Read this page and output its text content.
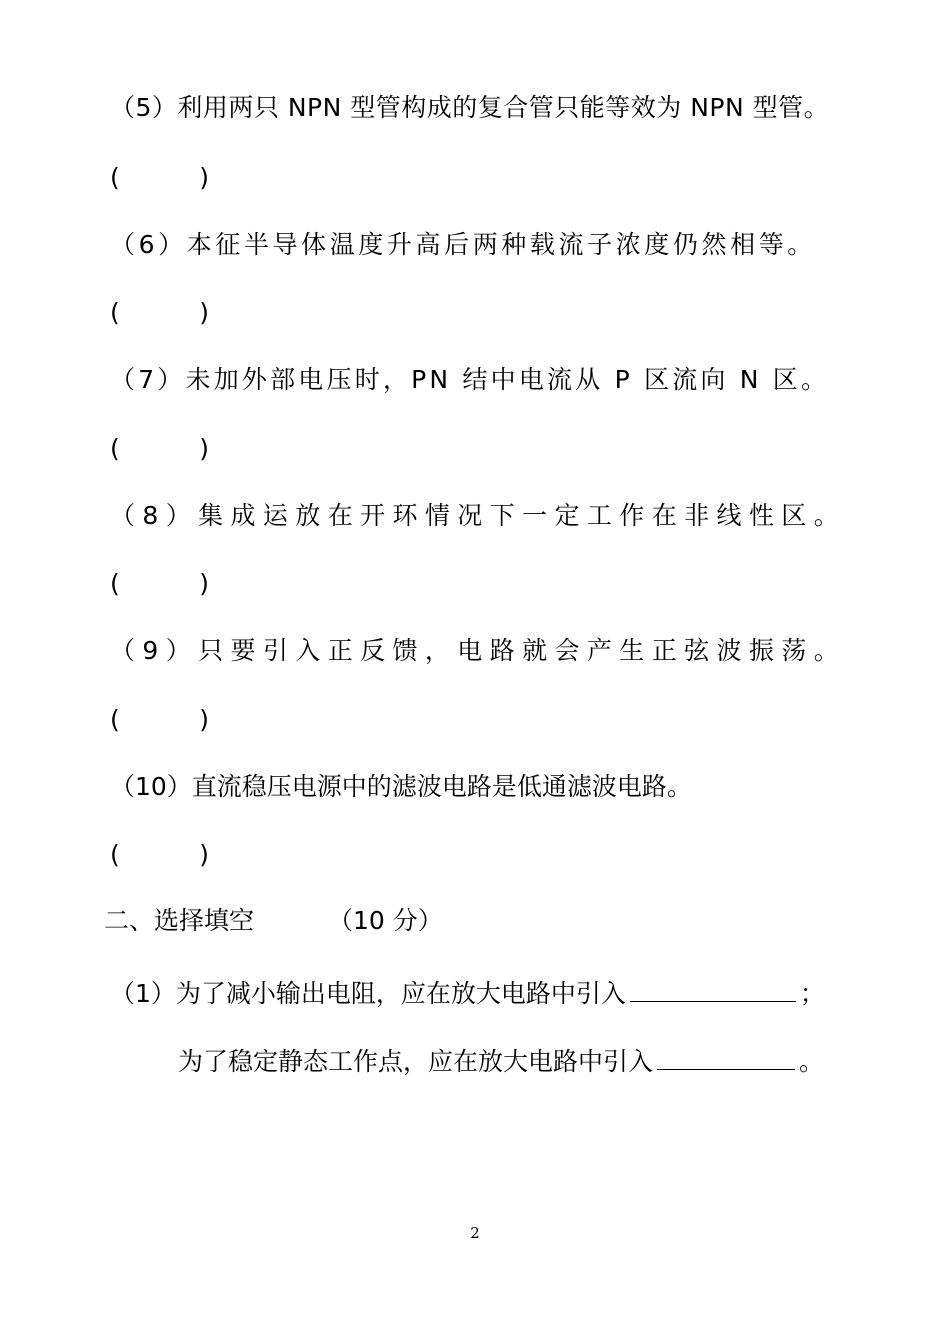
（5）利用两只 NPN 型管构成的复合管只能等效为 NPN 型管。
(          )
（6）本征半导体温度升高后两种载流子浓度仍然相等。
(          )
（7）未加外部电压时，PN 结中电流从 P 区流向 N 区。
(          )
（8）集成运放在开环情况下一定工作在非线性区。
(          )
（9）只要引入正反馈，电路就会产生正弦波振荡。
(          )
（10）直流稳压电源中的滤波电路是低通滤波电路。
(          )
二、选择填空	（10 分）
（1）为了减小输出电阻，应在放大电路中引入	；
为了稳定静态工作点，应在放大电路中引入	。
2
